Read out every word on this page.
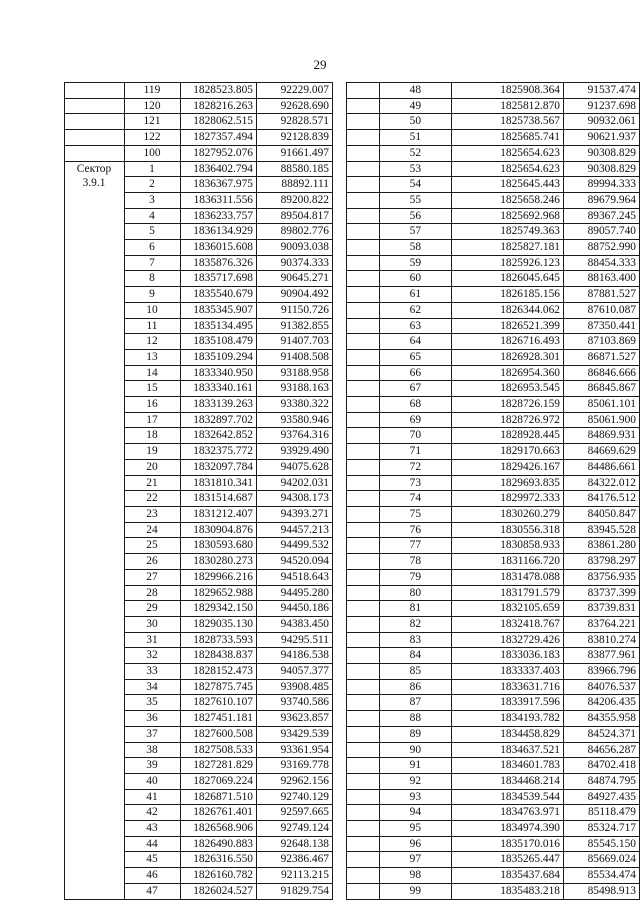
29
	119	1828523.805	92229.007
	120	1828216.263	92628.690
	121	1828062.515	92828.571
	122	1827357.494	92128.839
	100	1827952.076	91661.497

Сектор
3.9.1	1	1836402.794	88580.185
	2	1836367.975	88892.111
	3	1836311.556	89200.822
	4	1836233.757	89504.817
	5	1836134.929	89802.776
	6	1836015.608	90093.038
	7	1835876.326	90374.333
	8	1835717.698	90645.271
	9	1835540.679	90904.492
	10	1835345.907	91150.726
	11	1835134.495	91382.855
	12	1835108.479	91407.703
	13	1835109.294	91408.508
	14	1833340.950	93188.958
	15	1833340.161	93188.163
	16	1833139.263	93380.322
	17	1832897.702	93580.946
	18	1832642.852	93764.316
	19	1832375.772	93929.490
	20	1832097.784	94075.628
	21	1831810.341	94202.031
	22	1831514.687	94308.173
	23	1831212.407	94393.271
	24	1830904.876	94457.213
	25	1830593.680	94499.532
	26	1830280.273	94520.094
	27	1829966.216	94518.643
	28	1829652.988	94495.280
	29	1829342.150	94450.186
	30	1829035.130	94383.450
	31	1828733.593	94295.511
	32	1828438.837	94186.538
	33	1828152.473	94057.377
	34	1827875.745	93908.485
	35	1827610.107	93740.586
	36	1827451.181	93623.857
	37	1827600.508	93429.539
	38	1827508.533	93361.954
	39	1827281.829	93169.778
	40	1827069.224	92962.156
	41	1826871.510	92740.129
	42	1826761.401	92597.665
	43	1826568.906	92749.124
	44	1826490.883	92648.138
	45	1826316.550	92386.467
	46	1826160.782	92113.215
	47	1826024.527	91829.754
	48	1825908.364	91537.474
	49	1825812.870	91237.698
	50	1825738.567	90932.061
	51	1825685.741	90621.937
	52	1825654.623	90308.829
	53	1825654.623	90308.829
	54	1825645.443	89994.333
	55	1825658.246	89679.964
	56	1825692.968	89367.245
	57	1825749.363	89057.740
	58	1825827.181	88752.990
	59	1825926.123	88454.333
	60	1826045.645	88163.400
	61	1826185.156	87881.527
	62	1826344.062	87610.087
	63	1826521.399	87350.441
	64	1826716.493	87103.869
	65	1826928.301	86871.527
	66	1826954.360	86846.666
	67	1826953.545	86845.867
	68	1828726.159	85061.101
	69	1828726.972	85061.900
	70	1828928.445	84869.931
	71	1829170.663	84669.629
	72	1829426.167	84486.661
	73	1829693.835	84322.012
	74	1829972.333	84176.512
	75	1830260.279	84050.847
	76	1830556.318	83945.528
	77	1830858.933	83861.280
	78	1831166.720	83798.297
	79	1831478.088	83756.935
	80	1831791.579	83737.399
	81	1832105.659	83739.831
	82	1832418.767	83764.221
	83	1832729.426	83810.274
	84	1833036.183	83877.961
	85	1833337.403	83966.796
	86	1833631.716	84076.537
	87	1833917.596	84206.435
	88	1834193.782	84355.958
	89	1834458.829	84524.371
	90	1834637.521	84656.287
	91	1834601.783	84702.418
	92	1834468.214	84874.795
	93	1834539.544	84927.435
	94	1834763.971	85118.479
	95	1834974.390	85324.717
	96	1835170.016	85545.150
	97	1835265.447	85669.024
	98	1835437.684	85534.474
	99	1835483.218	85498.913
